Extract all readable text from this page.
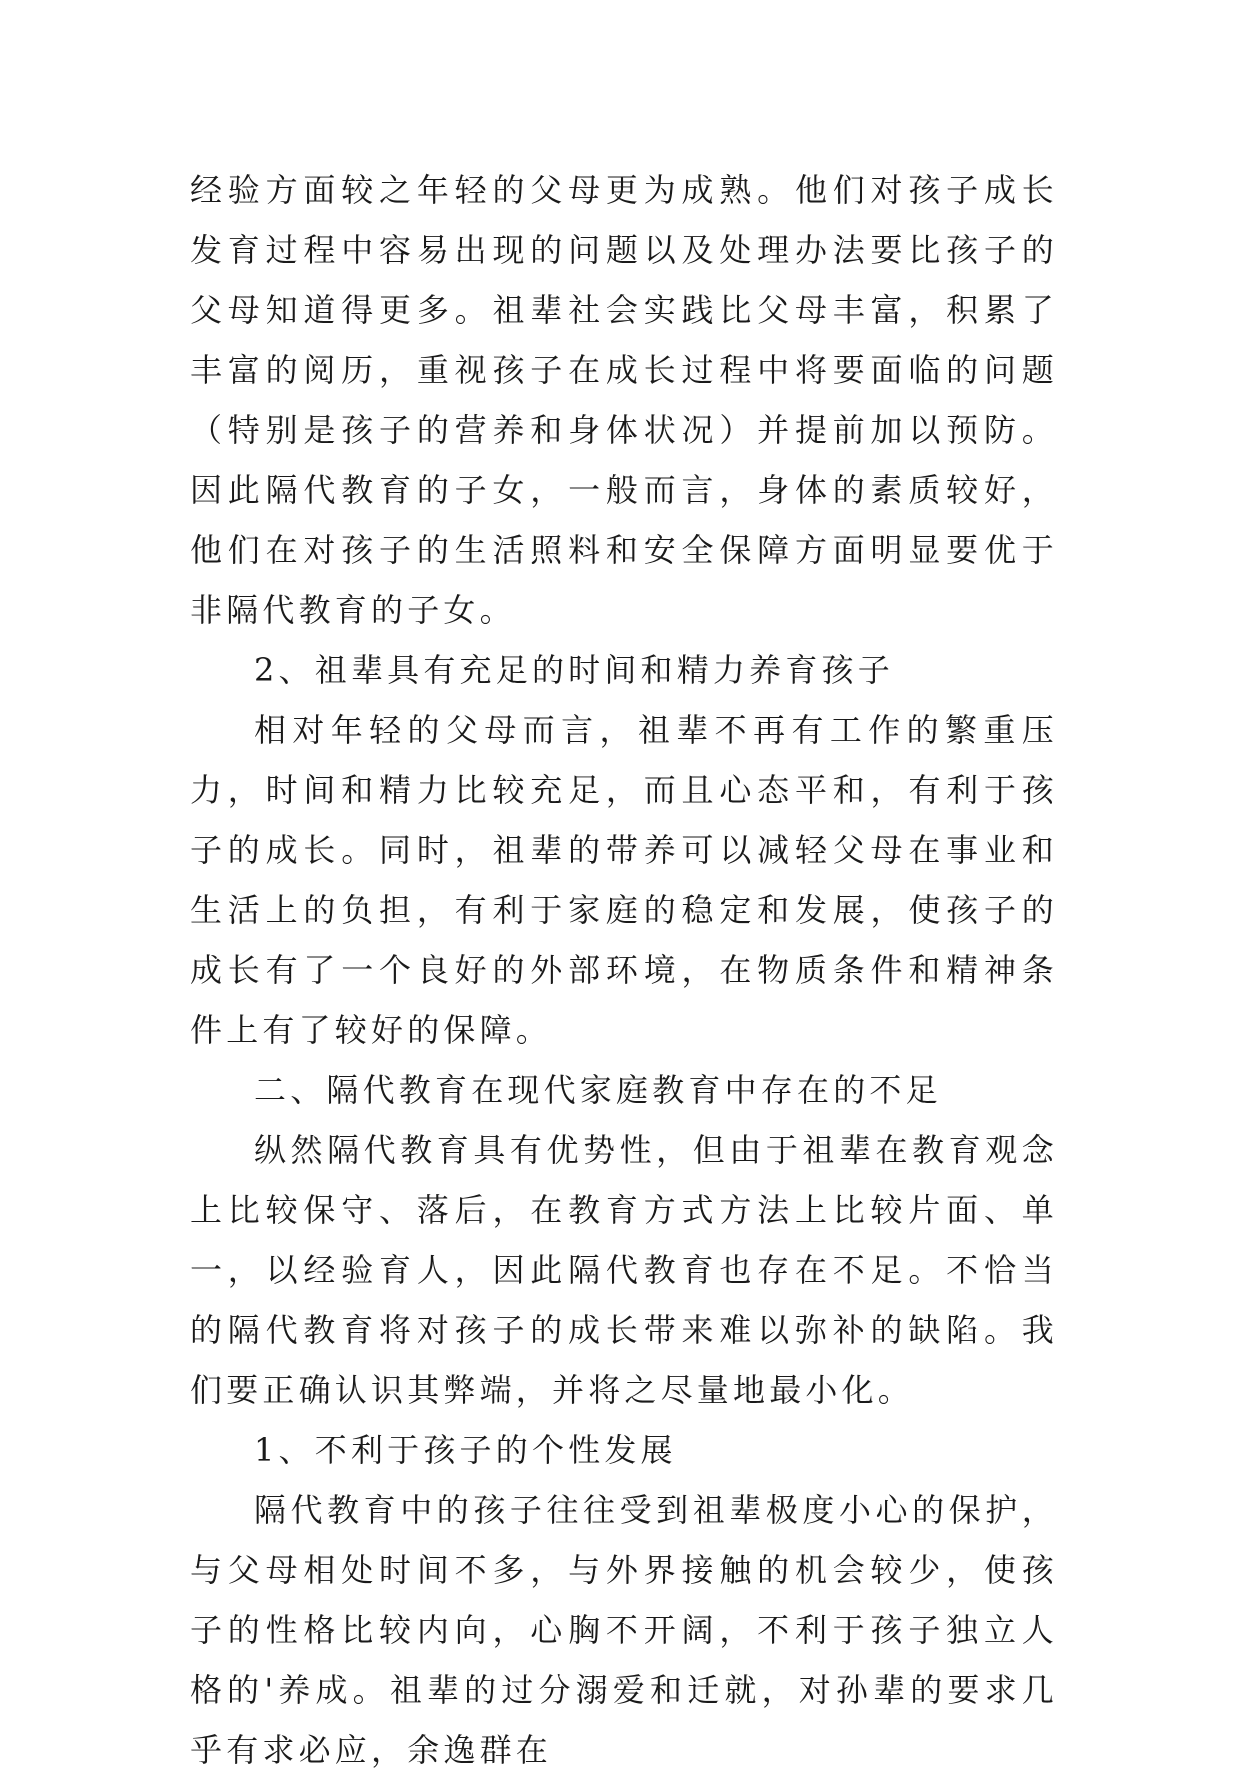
经验方面较之年轻的父母更为成熟。他们对孩子成长发育过程中容易出现的问题以及处理办法要比孩子的父母知道得更多。祖辈社会实践比父母丰富，积累了丰富的阅历，重视孩子在成长过程中将要面临的问题（特别是孩子的营养和身体状况）并提前加以预防。因此隔代教育的子女，一般而言，身体的素质较好，他们在对孩子的生活照料和安全保障方面明显要优于非隔代教育的子女。

2、祖辈具有充足的时间和精力养育孩子

相对年轻的父母而言，祖辈不再有工作的繁重压力，时间和精力比较充足，而且心态平和，有利于孩子的成长。同时，祖辈的带养可以减轻父母在事业和生活上的负担，有利于家庭的稳定和发展，使孩子的成长有了一个良好的外部环境，在物质条件和精神条件上有了较好的保障。

二、隔代教育在现代家庭教育中存在的不足

纵然隔代教育具有优势性，但由于祖辈在教育观念上比较保守、落后，在教育方式方法上比较片面、单一，以经验育人，因此隔代教育也存在不足。不恰当的隔代教育将对孩子的成长带来难以弥补的缺陷。我们要正确认识其弊端，并将之尽量地最小化。

1、不利于孩子的个性发展

隔代教育中的孩子往往受到祖辈极度小心的保护，与父母相处时间不多，与外界接触的机会较少，使孩子的性格比较内向，心胸不开阔，不利于孩子独立人格的'养成。祖辈的过分溺爱和迁就，对孙辈的要求几乎有求必应，余逸群在
